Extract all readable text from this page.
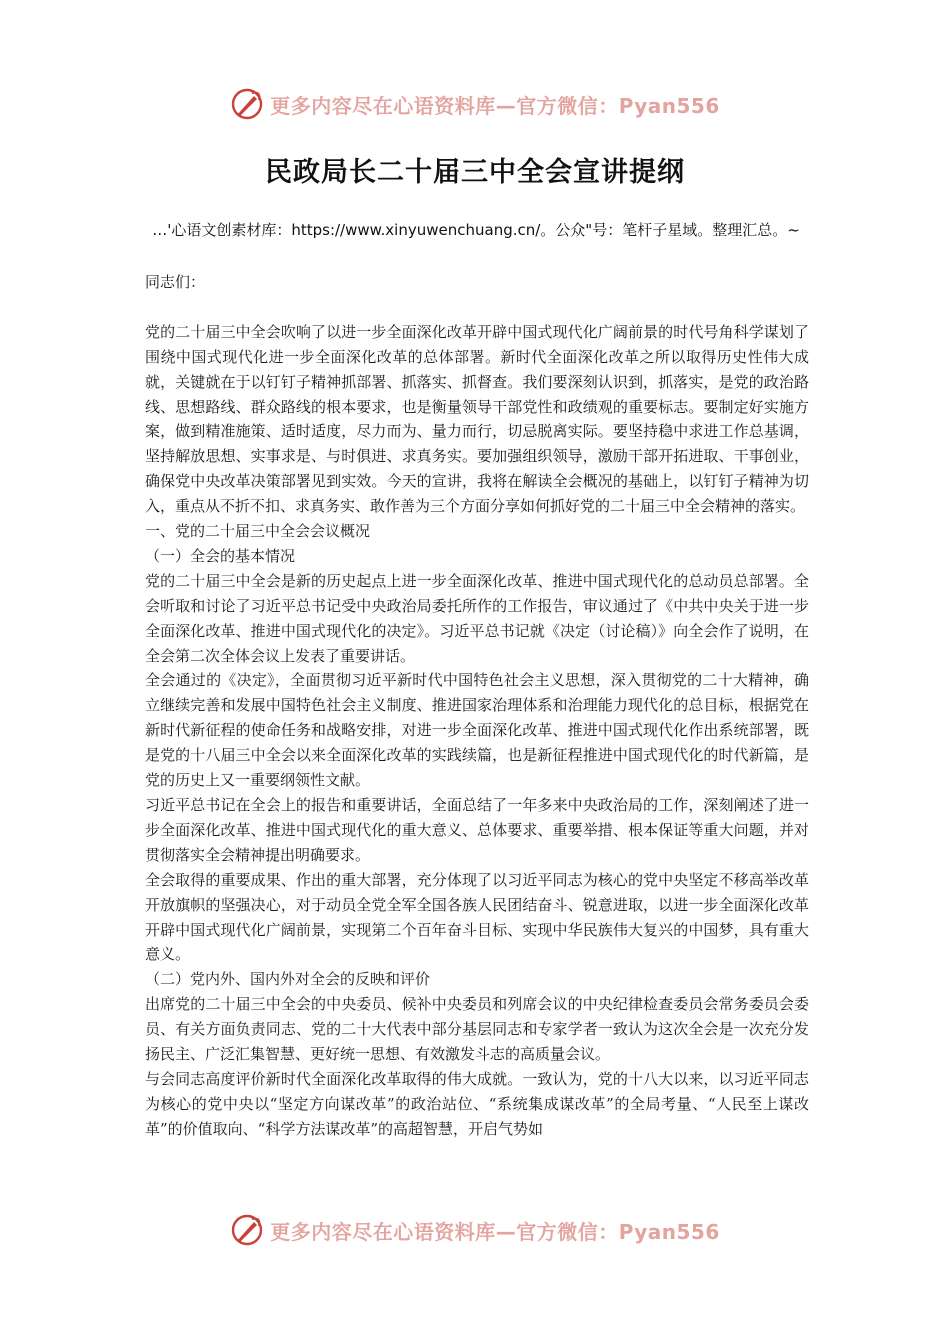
更多内容尽在心语资料库—官方微信：Pyan556
民政局长二十届三中全会宣讲提纲
…'心语文创素材库：https://www.xinyuwenchuang.cn/。公众"号：笔杆子星域。整理汇总。~

同志们：

党的二十届三中全会吹响了以进一步全面深化改革开辟中国式现代化广阔前景的时代号角科学谋划了围绕中国式现代化进一步全面深化改革的总体部署。新时代全面深化改革之所以取得历史性伟大成就，关键就在于以钉钉子精神抓部署、抓落实、抓督查。我们要深刻认识到，抓落实，是党的政治路线、思想路线、群众路线的根本要求，也是衡量领导干部党性和政绩观的重要标志。要制定好实施方案，做到精准施策、适时适度，尽力而为、量力而行，切忌脱离实际。要坚持稳中求进工作总基调，坚持解放思想、实事求是、与时俱进、求真务实。要加强组织领导，激励干部开拓进取、干事创业，确保党中央改革决策部署见到实效。今天的宣讲，我将在解读全会概况的基础上，以钉钉子精神为切入，重点从不折不扣、求真务实、敢作善为三个方面分享如何抓好党的二十届三中全会精神的落实。

一、党的二十届三中全会会议概况

（一）全会的基本情况

党的二十届三中全会是新的历史起点上进一步全面深化改革、推进中国式现代化的总动员总部署。全会听取和讨论了习近平总书记受中央政治局委托所作的工作报告，审议通过了《中共中央关于进一步全面深化改革、推进中国式现代化的决定》。习近平总书记就《决定（讨论稿）》向全会作了说明，在全会第二次全体会议上发表了重要讲话。

全会通过的《决定》，全面贯彻习近平新时代中国特色社会主义思想，深入贯彻党的二十大精神，确立继续完善和发展中国特色社会主义制度、推进国家治理体系和治理能力现代化的总目标，根据党在新时代新征程的使命任务和战略安排，对进一步全面深化改革、推进中国式现代化作出系统部署，既是党的十八届三中全会以来全面深化改革的实践续篇，也是新征程推进中国式现代化的时代新篇，是党的历史上又一重要纲领性文献。

习近平总书记在全会上的报告和重要讲话，全面总结了一年多来中央政治局的工作，深刻阐述了进一步全面深化改革、推进中国式现代化的重大意义、总体要求、重要举措、根本保证等重大问题，并对贯彻落实全会精神提出明确要求。

全会取得的重要成果、作出的重大部署，充分体现了以习近平同志为核心的党中央坚定不移高举改革开放旗帜的坚强决心，对于动员全党全军全国各族人民团结奋斗、锐意进取，以进一步全面深化改革开辟中国式现代化广阔前景，实现第二个百年奋斗目标、实现中华民族伟大复兴的中国梦，具有重大意义。

（二）党内外、国内外对全会的反映和评价

出席党的二十届三中全会的中央委员、候补中央委员和列席会议的中央纪律检查委员会常务委员会委员、有关方面负责同志、党的二十大代表中部分基层同志和专家学者一致认为这次全会是一次充分发扬民主、广泛汇集智慧、更好统一思想、有效激发斗志的高质量会议。

与会同志高度评价新时代全面深化改革取得的伟大成就。一致认为，党的十八大以来，以习近平同志为核心的党中央以“坚定方向谋改革”的政治站位、“系统集成谋改革”的全局考量、“人民至上谋改革”的价值取向、“科学方法谋改革”的高超智慧，开启气势如

更多内容尽在心语资料库—官方微信：Pyan556
